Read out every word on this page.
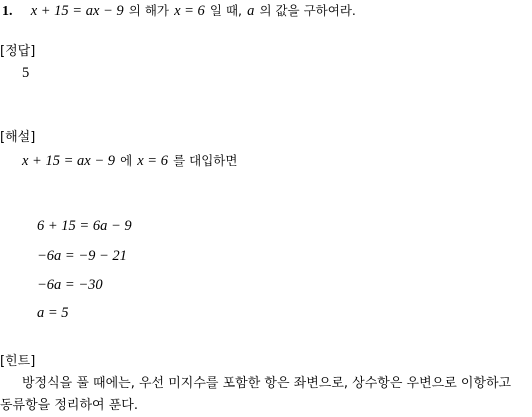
1. x + 15 = ax − 9 의 해가 x = 6 일 때, a 의 값을 구하여라.
[정답]
5
[해설]
x + 15 = ax − 9 에 x = 6 를 대입하면
6 + 15 = 6a − 9
−6a = −9 − 21
−6a = −30
a = 5
[힌트]
방정식을 풀 때에는, 우선 미지수를 포함한 항은 좌변으로, 상수항은 우변으로 이항하고 동류항을 정리하여 푼다.
